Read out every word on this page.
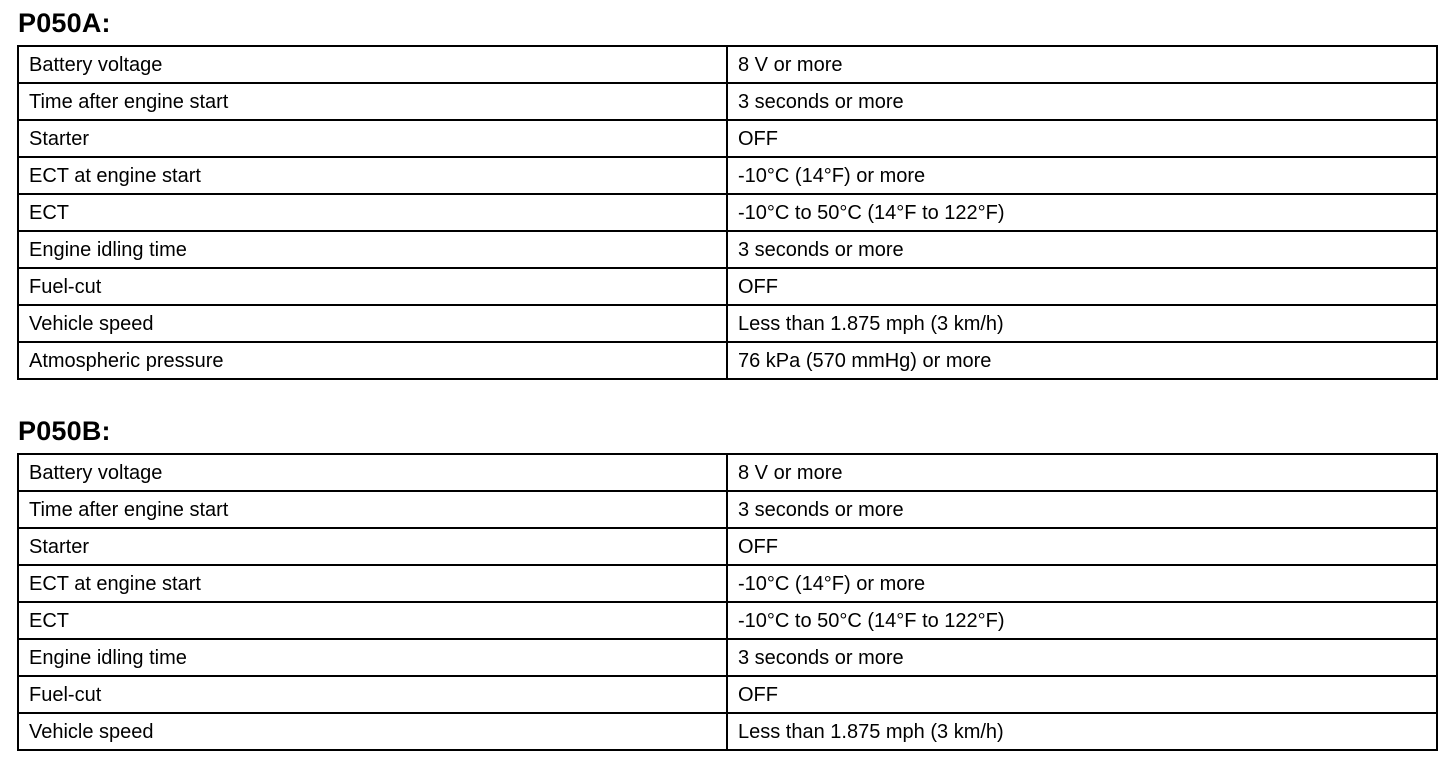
P050A:
Battery voltage	8 V or more
Time after engine start	3 seconds or more
Starter	OFF
ECT at engine start	-10°C (14°F) or more
ECT	-10°C to 50°C (14°F to 122°F)
Engine idling time	3 seconds or more
Fuel-cut	OFF
Vehicle speed	Less than 1.875 mph (3 km/h)
Atmospheric pressure	76 kPa (570 mmHg) or more
P050B:
Battery voltage	8 V or more
Time after engine start	3 seconds or more
Starter	OFF
ECT at engine start	-10°C (14°F) or more
ECT	-10°C to 50°C (14°F to 122°F)
Engine idling time	3 seconds or more
Fuel-cut	OFF
Vehicle speed	Less than 1.875 mph (3 km/h)
